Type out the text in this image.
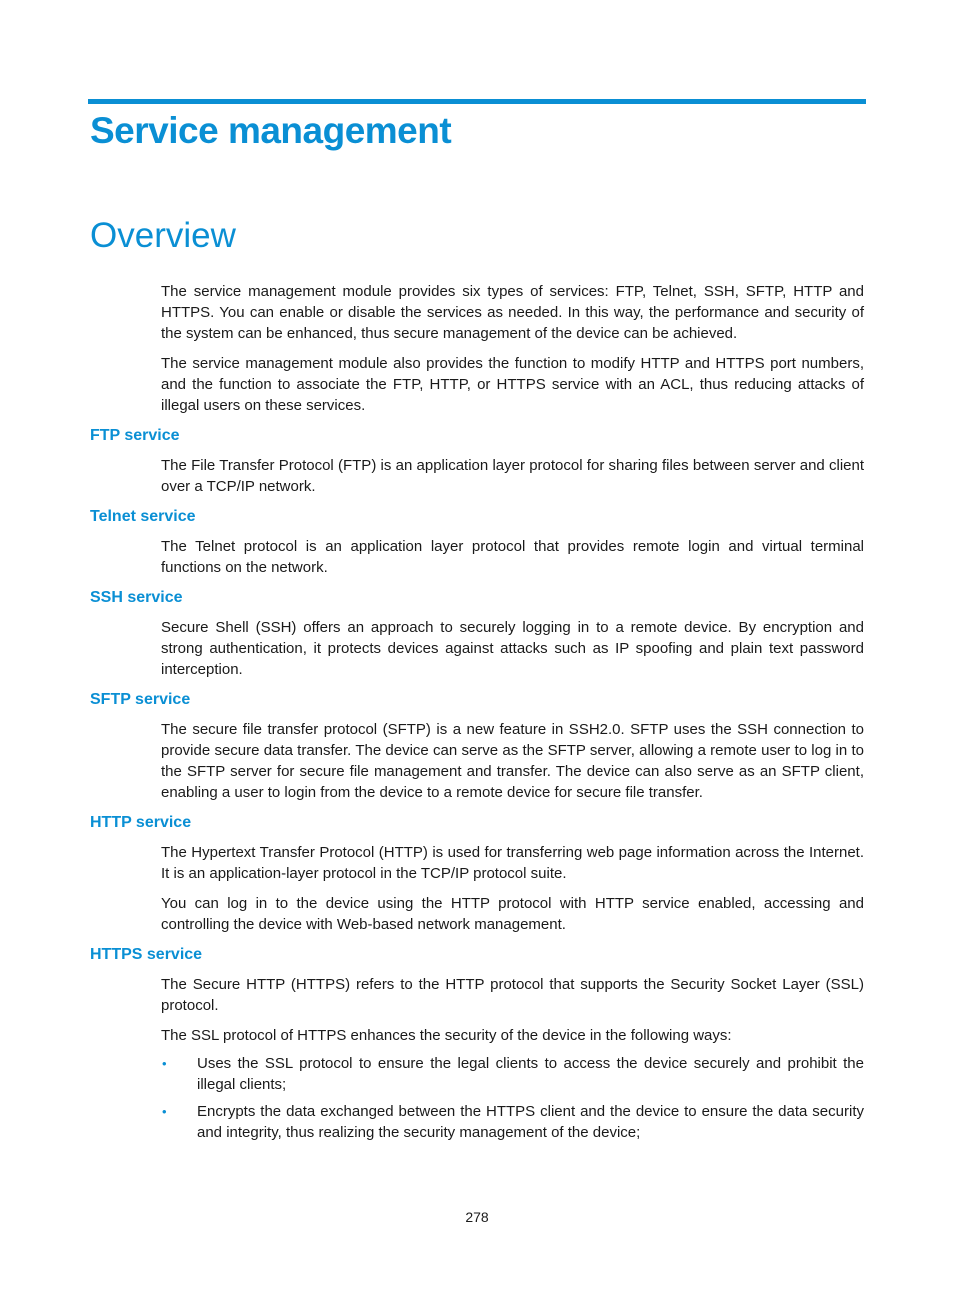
Service management
Overview

The service management module provides six types of services: FTP, Telnet, SSH, SFTP, HTTP and HTTPS. You can enable or disable the services as needed. In this way, the performance and security of the system can be enhanced, thus secure management of the device can be achieved.

The service management module also provides the function to modify HTTP and HTTPS port numbers, and the function to associate the FTP, HTTP, or HTTPS service with an ACL, thus reducing attacks of illegal users on these services.

FTP service

The File Transfer Protocol (FTP) is an application layer protocol for sharing files between server and client over a TCP/IP network.

Telnet service

The Telnet protocol is an application layer protocol that provides remote login and virtual terminal functions on the network.

SSH service

Secure Shell (SSH) offers an approach to securely logging in to a remote device. By encryption and strong authentication, it protects devices against attacks such as IP spoofing and plain text password interception.

SFTP service

The secure file transfer protocol (SFTP) is a new feature in SSH2.0. SFTP uses the SSH connection to provide secure data transfer. The device can serve as the SFTP server, allowing a remote user to log in to the SFTP server for secure file management and transfer. The device can also serve as an SFTP client, enabling a user to login from the device to a remote device for secure file transfer.

HTTP service

The Hypertext Transfer Protocol (HTTP) is used for transferring web page information across the Internet. It is an application-layer protocol in the TCP/IP protocol suite.

You can log in to the device using the HTTP protocol with HTTP service enabled, accessing and controlling the device with Web-based network management.

HTTPS service

The Secure HTTP (HTTPS) refers to the HTTP protocol that supports the Security Socket Layer (SSL) protocol.

The SSL protocol of HTTPS enhances the security of the device in the following ways:

• Uses the SSL protocol to ensure the legal clients to access the device securely and prohibit the illegal clients;
• Encrypts the data exchanged between the HTTPS client and the device to ensure the data security and integrity, thus realizing the security management of the device;
278
